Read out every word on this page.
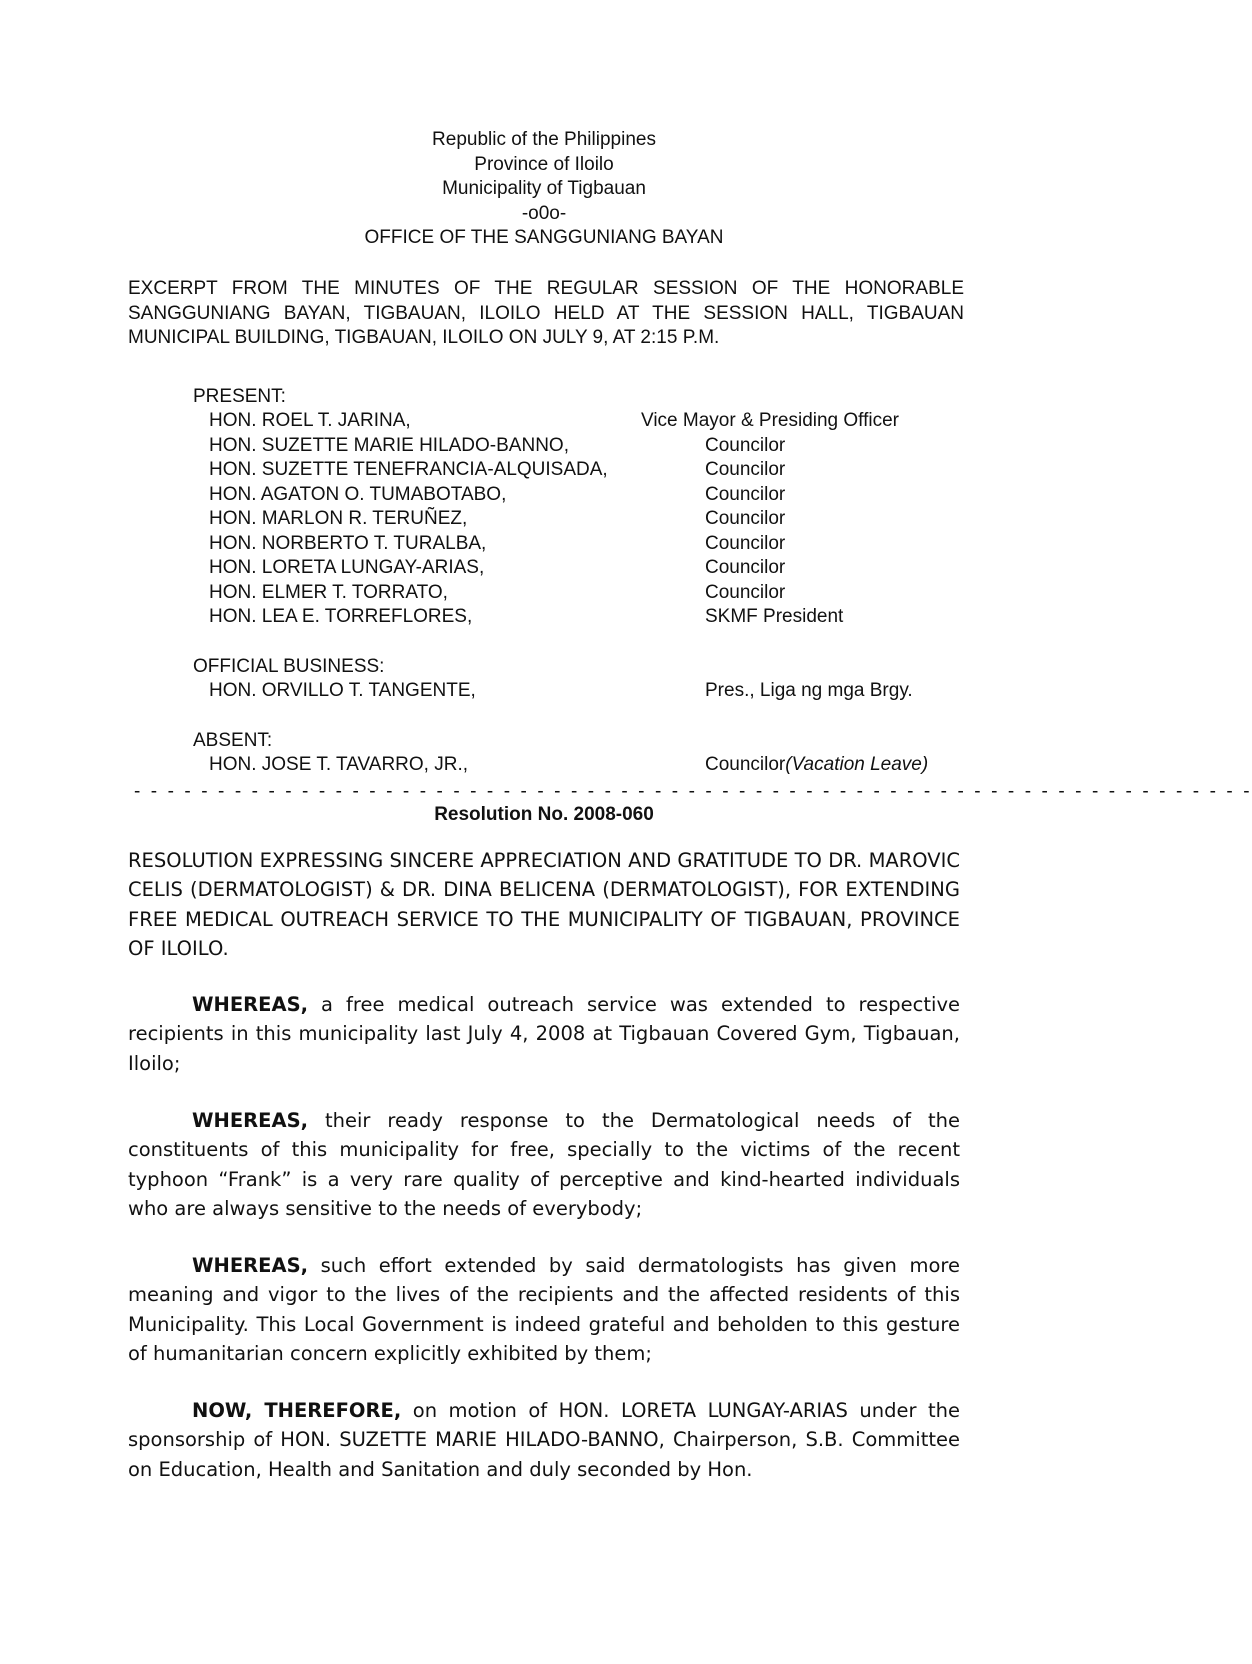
Republic of the Philippines
Province of Iloilo
Municipality of Tigbauan
-o0o-
OFFICE OF THE SANGGUNIANG BAYAN
EXCERPT FROM THE MINUTES OF THE REGULAR SESSION OF THE HONORABLE SANGGUNIANG BAYAN, TIGBAUAN, ILOILO HELD AT THE SESSION HALL, TIGBAUAN MUNICIPAL BUILDING, TIGBAUAN, ILOILO ON JULY 9, AT 2:15 P.M.
PRESENT:
HON. ROEL T. JARINA,	Vice Mayor & Presiding Officer
HON. SUZETTE MARIE HILADO-BANNO,	Councilor
HON. SUZETTE TENEFRANCIA-ALQUISADA,	Councilor
HON. AGATON O. TUMABOTABO,	Councilor
HON. MARLON R. TERUÑEZ,	Councilor
HON. NORBERTO T. TURALBA,	Councilor
HON. LORETA LUNGAY-ARIAS,	Councilor
HON. ELMER T. TORRATO,	Councilor
HON. LEA E. TORREFLORES,	SKMF President
OFFICIAL BUSINESS:
HON. ORVILLO T. TANGENTE,	Pres., Liga ng mga Brgy.
ABSENT:
HON. JOSE T. TAVARRO, JR.,	Councilor(Vacation Leave)
- - - - - - - - - - - - - - - - - - - - - - - - - - - - - - - - - - - - - - - - - - - - - - - - - - - - - - - - - - - - - - - - - - -
Resolution No. 2008-060
RESOLUTION EXPRESSING SINCERE APPRECIATION AND GRATITUDE TO DR. MAROVIC CELIS (DERMATOLOGIST) & DR. DINA BELICENA (DERMATOLOGIST), FOR EXTENDING FREE MEDICAL OUTREACH SERVICE TO THE MUNICIPALITY OF TIGBAUAN, PROVINCE OF ILOILO.
WHEREAS, a free medical outreach service was extended to respective recipients in this municipality last July 4, 2008 at Tigbauan Covered Gym, Tigbauan, Iloilo;
WHEREAS, their ready response to the Dermatological needs of the constituents of this municipality for free, specially to the victims of the recent typhoon “Frank” is a very rare quality of perceptive and kind-hearted individuals who are always sensitive to the needs of everybody;
WHEREAS, such effort extended by said dermatologists has given more meaning and vigor to the lives of the recipients and the affected residents of this Municipality. This Local Government is indeed grateful and beholden to this gesture of humanitarian concern explicitly exhibited by them;
NOW, THEREFORE, on motion of HON. LORETA LUNGAY-ARIAS under the sponsorship of HON. SUZETTE MARIE HILADO-BANNO, Chairperson, S.B. Committee on Education, Health and Sanitation and duly seconded by Hon.
